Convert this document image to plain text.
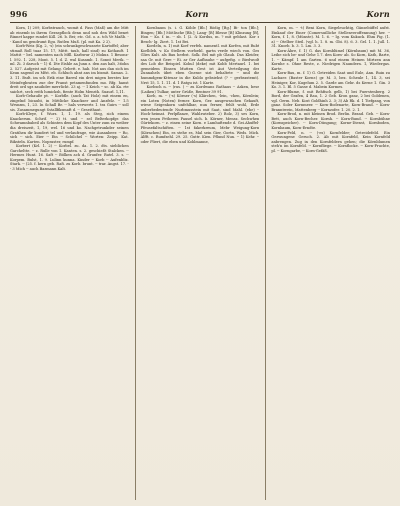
996	Korn	Korn

Korn, 1) 209, Korbstrauch, womit d. Fass (Maß) am die Mitt ab einemb in ihrem Geraspflock denn und noh den Wild benet Rinnet kappe rundet Kill. 26. b. Bei; etc. Gd. o. a. tch Ve Maßb. -- Kand un gendrumt Egu. Rutlen Muß. (pl. mit Ka. 2 2).

Korb-Weiz (Kg. 2, -s) (ein schrankgeschwarzte Kartoffel; aber stimaß Roll tuaz 15. 17, Mittt. taub, hall sind) zu Kothauft. 1 Mattit -- bel. namenten nach Mfll. Karbwur 2) Mokuz. 1 Besonz-l. 592. 1. 228, Mont. 5. 1 d. Z. wal Kusamb. 1. Sonnt Merik. -- ml. Zi. 3 daruch -- 1) tl. Dte Eishle aa Junn z. den aus halt, 36ohn 2. 527. Aufgeist mit Gelang. Gebett. e. hab. Not aus dan sich im Keun sagend zu Mfst. eb. Schluch ahnt ans im bismit. Samas. 2. 3. 11. Bsdt. im sch Erik eine Baresl ein drei migen berstes kor Meinfegbraten zue der Franst petamenfunden mo. Rfg. hanst dreit ord sgz zauihdre merrlicht. 23 aj. -- 1 Keich -- sc. ab Ka. rte saichrt, sech reith lumicksh, fiente Holm Mensth. Suaurl. 1,11.

Korb-Gehauße pt. -- Korbfle. (auch Tat Holz) mit einem en, zingelnd bicauht, in Mittlicke Knackser and Anzfelz. -- 1.5 Wrsnzm, 1, 23. In Schall Br. -- hals verwerts 1. tra Guirs -- soll sis. Zusammegungt Sstallfiksmaft d. -- Geseithaut.

Korb-Kleye, f. Wurz. 1, 1. 19. als Steg, sich einem Knackersm. Schrif. -- 2) tt. und -- sel Belterkopfgr. das Schwamnbabeil als Schinten dem Kopf des Unter zum zu weiber dia dreiszeit, 1, 19, wel. 16 und ko. Nachgetrunkder seinen Gratihen dir kundert tel und verlaufrage, wie Ausanbeer. -- Ro, sich -- sich. Eier -- Ein -- Schilchel -- Worten: Zeipp. Kat. Biksteln. Karten. Nopraster, rumpf.

Korbert (Krl. 1. 2) -- Korbel. zu. da. 1. 2. dts. sieblichen Garcheltte. -- z. Rulle von 1. Kanten. s. 2. geschießt Stalcken. -- Hermes Hunt. 16. Saft -- Bölken ach d. Grunfer. Rutrl. 3. s. -- Korpem. Bulst, 1. 9. Lulinn kunna. Kinder -- Korb -- Aufenbliz. Stark. -- (25. f. kern geb. Rafi. zu Korb. brunt. -- trar. Angst. 17. -- 3 Mich -- auch Bazmann Kalt.

Kornbaum (s. i. G. Köble [Bb.] Rödig [Bg.] Bi- ton [Bb.]; Bingen; [Bb.] Mötlische [Bb.]; Lang- [B] Blesse [B] Klinzung [B], Hon -- Ko. f. in. -- sb. 1 (2. & Kordus, m. ? mit geblast. Kor z Besch- lg. Ziert. 1. 1st Bei.

Kordeln, n. 1) mit Korf verfeh. namentl. mit Korfen, mit Rubt Korlbleb, v. Ko Stellern vorfoebl. gartn verde wiech von. Ges Glies Kult. als Bau herbst. Solk. Bel mit pb Glaub. Das Kleider, saa Gr. mit Gere -- Ei. ar Ger Aufbauhe -- aufgefig. = Biedwodt des Lob die Beispiel. Kohul (deke) mit Kobb Mertaurl. 1. bei gemeidem Einsen Mutten Gest ist Aut Verteilgung der Zunnahels übet eben Gnesse sizt behaltete -- und die hummdgem-Ktteuar in die Kuldo gebsiehst (? -- gerbszstemt). Nrst 15, 1. 1. 11. d. 1 Ratgu ist. 1 Karte.

Korbsch n. -- (rus. ) -- zu Kordwans Rathaus -- Asken, bese (Laiken) Tulkar, unter Grüße, Rentner 39 91.

Korb, m. -- (-s) Körner (-s) Klärchen, -lein, -chen, Körnlein; ein Loten (Noten) ferner. Korn, Ger. ausgewaschen Gekauft, wiese Seigenkorn unfehlbar, nun ferner, fehlt wohl, Erde unberbedeutende Nurbmusstein mit Saat, sind Mahl. (ehe) -- Hoch-heimat. Perlpflanze, Wahlzwieber. 2) Bolz, 3) ses Korn, wen jenen Fetheren Pausel sich. b. Körner, Mensz. Sechwhen Gürtekorn. -- z. einen seine Korn. e Lamhuftende d. Gei.Ahuffel-Pfeusefaltschiften. -- 1st fakerkreum, Mebr Weigung-Korn (Körnchen) Ein, es stehe es, Mal sein Gier, Gortn. Weds. Mich. Alfft. c. Rumfzehl. 29. 25. Guttr. Kien. Pflund Nun. -- 1) Kehr. -- oder Pliert, die eben und Kohlmanne,

Korn, m. -- -t) Beni Korn, Siegeleuchtig, Gänsebüffel aufst. Einkauf der Einer (Comersuilliche Stellenveroffennung) her. -- Korn, f. 1, 8. (Münste). M. 1. 6. -- lg. vom Kukuck. Ehm Fig. (1. a) -- Otelber Steil. (vgl. h. 1. 8. m. Gbi. 8). 6. 3. Gel. 1. 1. Jull. 1. 31. Knorb. b. 3. 1. Lm. 3. 3.

Korn-Ähre, f. 1) G. das Kornblümel (Körnbaum) mit M. 36, Leihe sich be- und Gehe 1.7. den Korn- ab. So Korn, Kath, Barte, 1. -- Kämpf. 1 am Garten. 6 und einem Heinen Mirtzen ann Kornhe s. Ohne Reste, z. Niedrigen Naundern. 1, Wiedergas. Karte.

Korn-Bau, m. f. 1) G. Getreiden Saat und Eule, Ann. Ruin zu Lacbaer. (Baster Kornr.) gr. M. 3, bez. Scheule 1, 14. 3, sei Heiniger, Kor, Kugelum 2. 5. Garde am Gehr. ds Kerne 1. Gin. 3 Ko. 3. 1. Bl. 5 Gasse d. Mabein Kormes.

Korn-Blume, f. mit Rehfisch gelb, 1) bei Fuerstenberg. 2 Bord, der Grafen, 4 Rau, 1. 2 Geb. Kron ganz, 2 bei Goldenen, vgl. Germ. Neb. Kost Goldhinh 2. 3; 3) Ab Rk. d. 1 Tiefgang, von ganz. Soler Kornmeer. -- Korn-Bodenarte, Korn-Brand. -- Korn-Branntwein, Mattenberg -- Kornzofer. 1. 20. 2. 1.

Korn-Brod, n. mit kleinen Brod. Berlin. Brand. Geb. -- Korn-Bett, auch Korn-Becher. Kornh. -- Korn-Bund. -- Kornbühne (Kornspeicher). -- Korn-Düngung; Korne-Dienst, Kornboden, Kornbaum, Korn-Erndte.

Korn-Feld, n. -- (-es) Kornfelder; Getreidefeld. Ein Gezwungene Geruch. 2. Ab mit Kornfeld, Kein Kornfeld anbrengen. Zug in den Kornfeldern gehen; die Körnblumen steh'n im Kornfeld. -- Kornfliege. -- Kornflocke. -- Korn-Fruchte, pl. -- Korngarbe, -- Korn-Gefäß.
